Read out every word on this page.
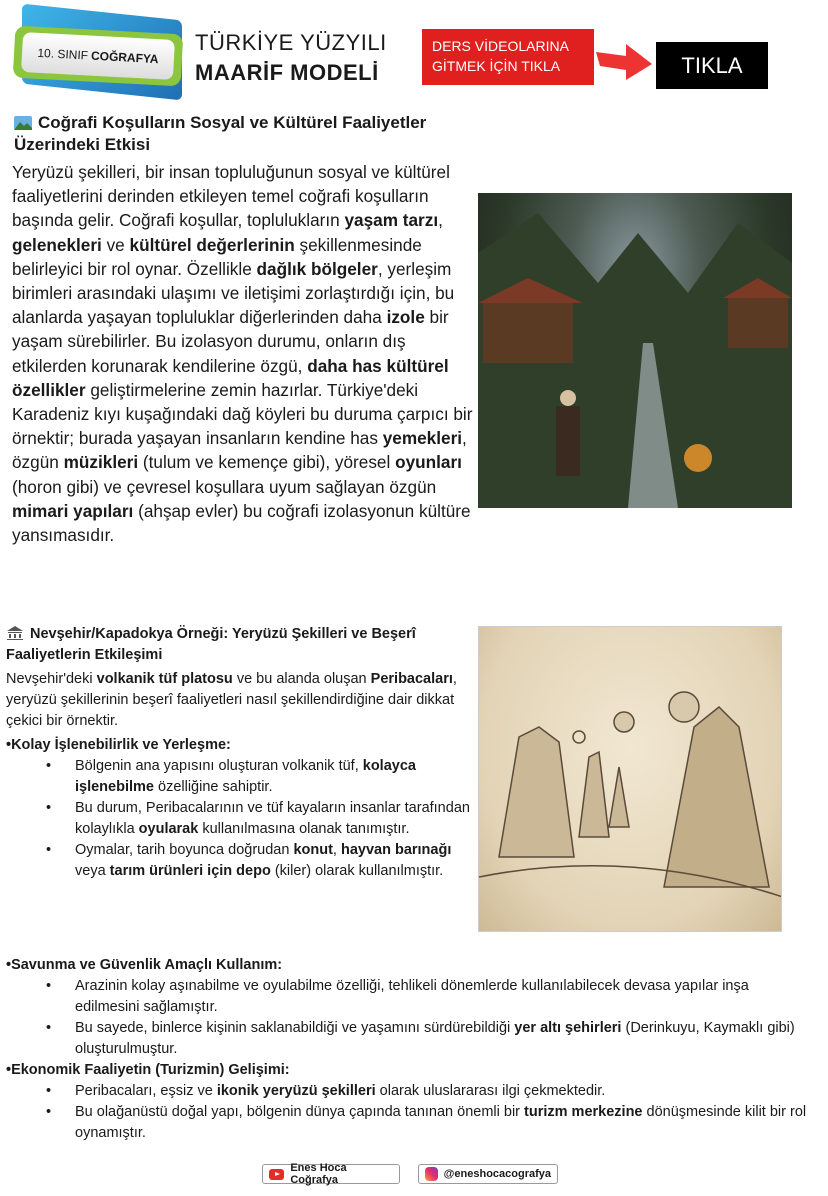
10. SINIF COĞRAFYA
TÜRKİYE YÜZYILI
MAARİF MODELİ
DERS VİDEOLARINA
GİTMEK İÇİN TIKLA	TIKLA
Coğrafi Koşulların Sosyal ve Kültürel Faaliyetler Üzerindeki Etkisi
Yeryüzü şekilleri, bir insan topluluğunun sosyal ve kültürel faaliyetlerini derinden etkileyen temel coğrafi koşulların başında gelir. Coğrafi koşullar, toplulukların yaşam tarzı, gelenekleri ve kültürel değerlerinin şekillenmesinde belirleyici bir rol oynar. Özellikle dağlık bölgeler, yerleşim birimleri arasındaki ulaşımı ve iletişimi zorlaştırdığı için, bu alanlarda yaşayan topluluklar diğerlerinden daha izole bir yaşam sürebilirler. Bu izolasyon durumu, onların dış etkilerden korunarak kendilerine özgü, daha has kültürel özellikler geliştirmelerine zemin hazırlar. Türkiye'deki Karadeniz kıyı kuşağındaki dağ köyleri bu duruma çarpıcı bir örnektir; burada yaşayan insanların kendine has yemekleri, özgün müzikleri (tulum ve kemençe gibi), yöresel oyunları (horon gibi) ve çevresel koşullara uyum sağlayan özgün mimari yapıları (ahşap evler) bu coğrafi izolasyonun kültüre yansımasıdır.
Nevşehir/Kapadokya Örneği: Yeryüzü Şekilleri ve Beşerî Faaliyetlerin Etkileşimi
Nevşehir'deki volkanik tüf platosu ve bu alanda oluşan Peribacaları, yeryüzü şekillerinin beşerî faaliyetleri nasıl şekillendirdiğine dair dikkat çekici bir örnektir.
•Kolay İşlenebilirlik ve Yerleşme:
• Bölgenin ana yapısını oluşturan volkanik tüf, kolayca işlenebilme özelliğine sahiptir.
• Bu durum, Peribacalarının ve tüf kayaların insanlar tarafından kolaylıkla oyularak kullanılmasına olanak tanımıştır.
• Oymalar, tarih boyunca doğrudan konut, hayvan barınağı veya tarım ürünleri için depo (kiler) olarak kullanılmıştır.
•Savunma ve Güvenlik Amaçlı Kullanım:
• Arazinin kolay aşınabilme ve oyulabilme özelliği, tehlikeli dönemlerde kullanılabilecek devasa yapılar inşa edilmesini sağlamıştır.
• Bu sayede, binlerce kişinin saklanabildiği ve yaşamını sürdürebildiği yer altı şehirleri (Derinkuyu, Kaymaklı gibi) oluşturulmuştur.
•Ekonomik Faaliyetin (Turizmin) Gelişimi:
• Peribacaları, eşsiz ve ikonik yeryüzü şekilleri olarak uluslararası ilgi çekmektedir.
• Bu olağanüstü doğal yapı, bölgenin dünya çapında tanınan önemli bir turizm merkezine dönüşmesinde kilit bir rol oynamıştır.
Enes Hoca Coğrafya	@eneshocacografya
